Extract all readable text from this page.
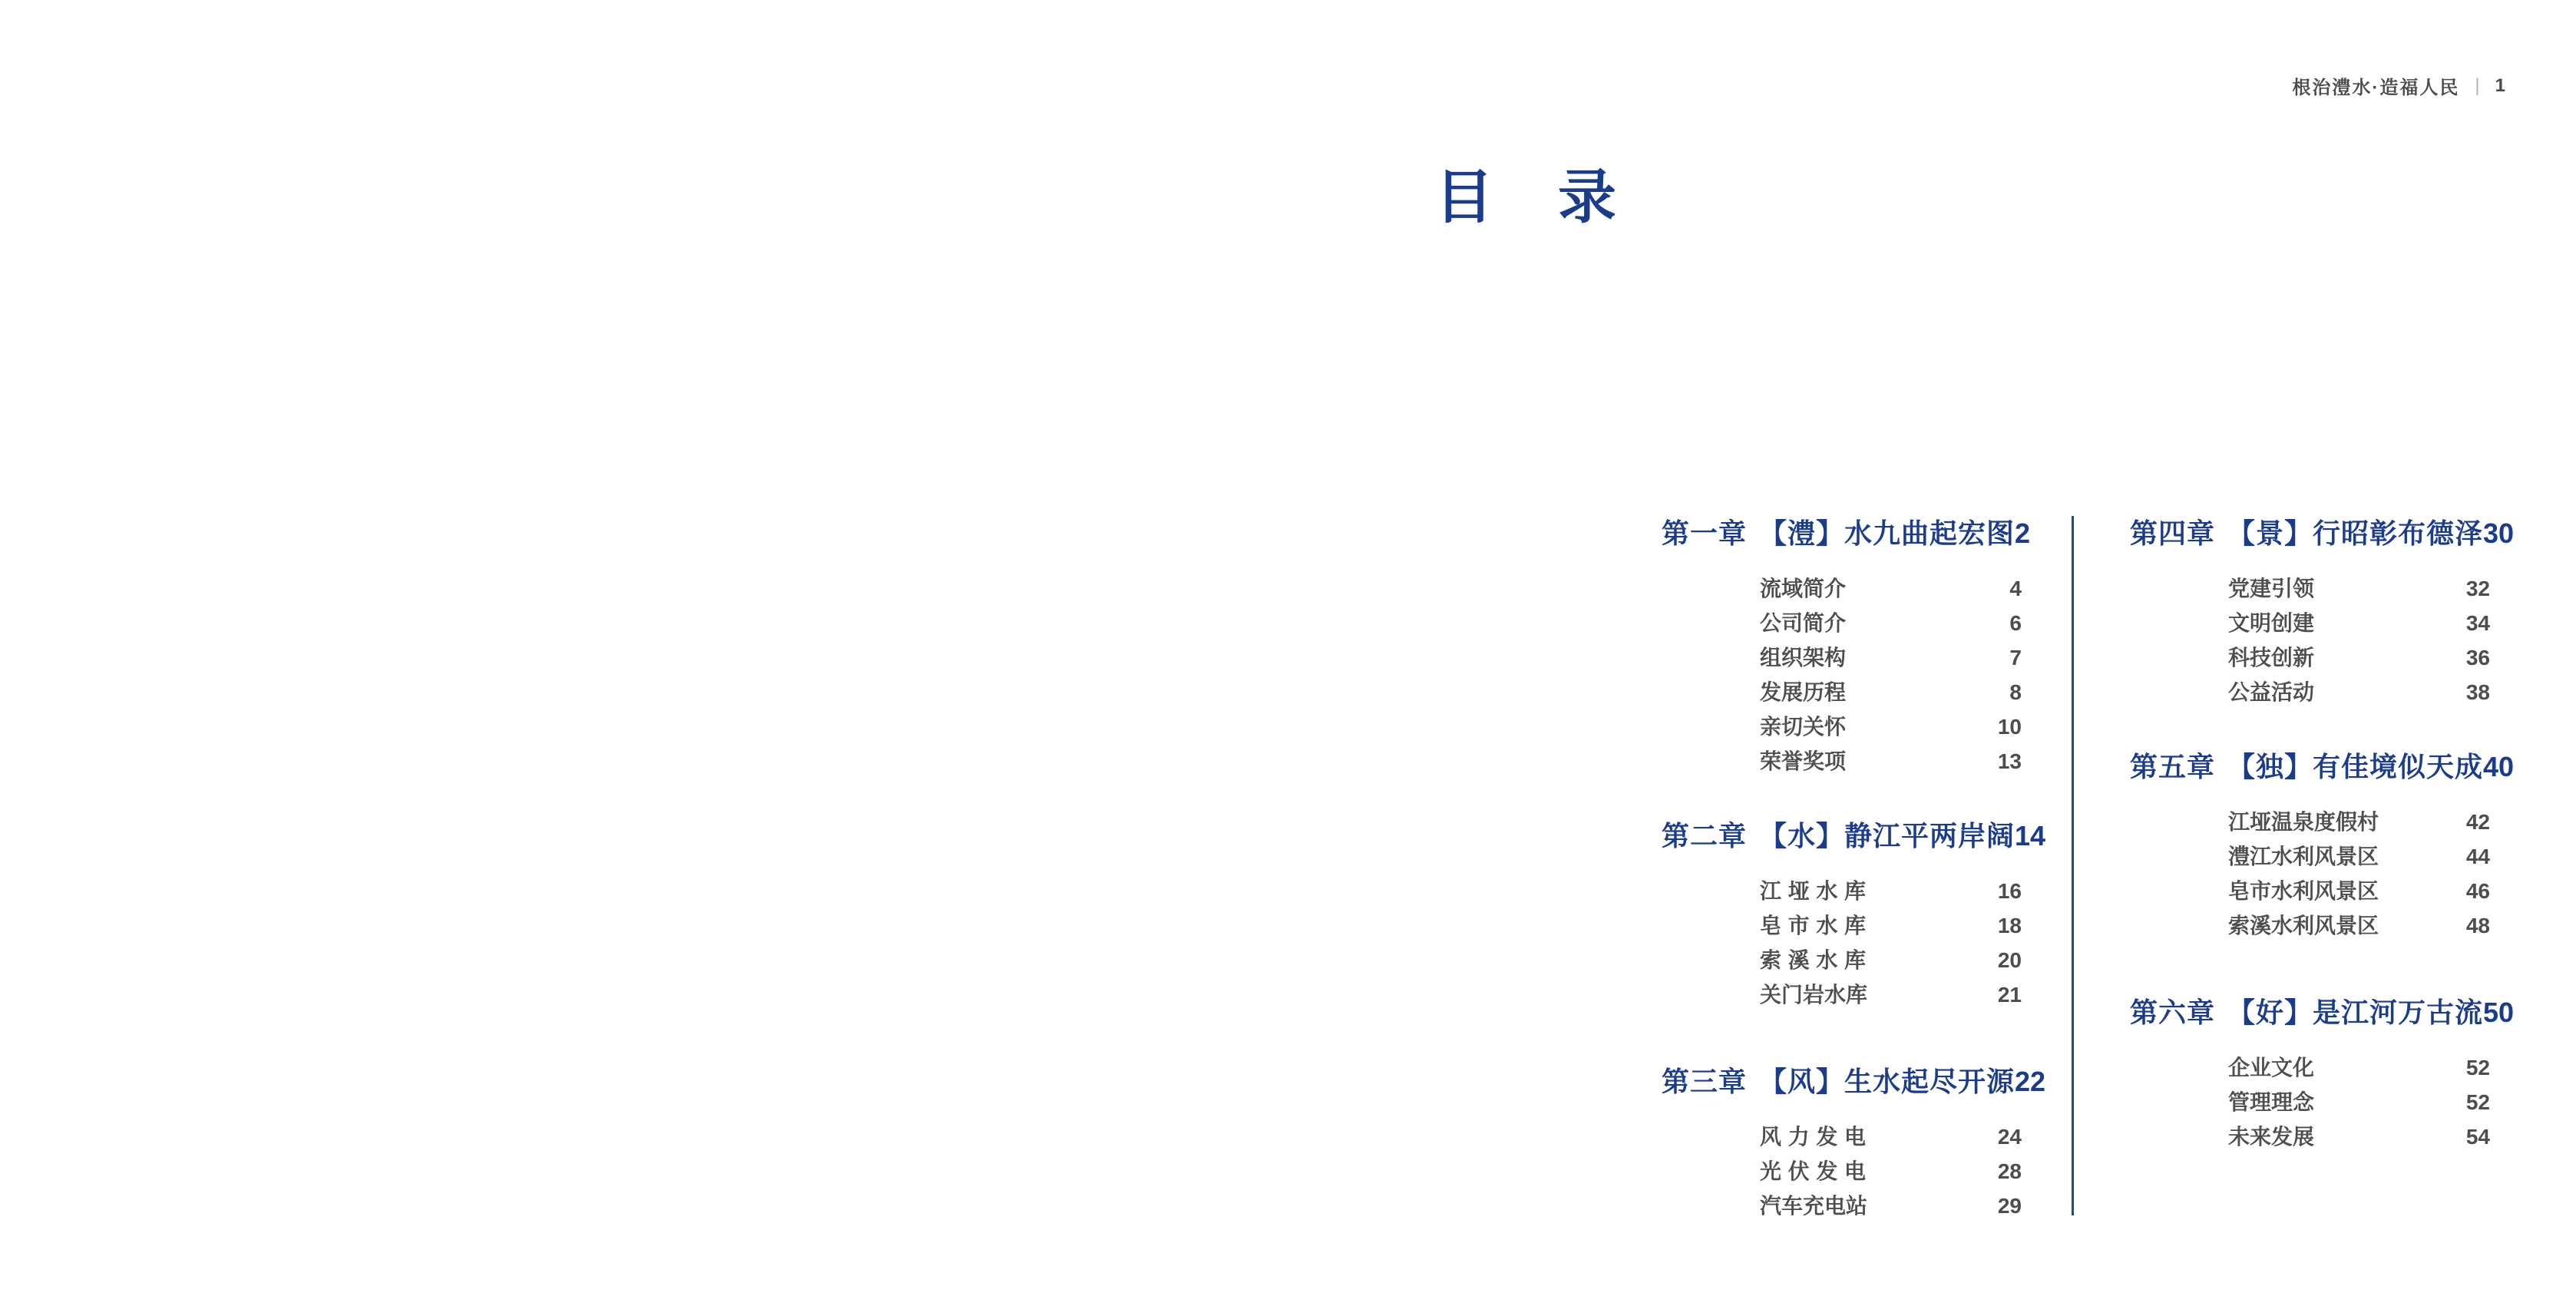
根治澧水·造福人民 | 1
目　录
第一章 【澧】水九曲起宏图 2
流域简介	4
公司简介	6
组织架构	7
发展历程	8
亲切关怀	10
荣誉奖项	13
第二章 【水】静江平两岸阔 14
江垭水库	16
皂市水库	18
索溪水库	20
关门岩水库	21
第三章 【风】生水起尽开源 22
风力发电	24
光伏发电	28
汽车充电站	29
第四章 【景】行昭彰布德泽 30
党建引领	32
文明创建	34
科技创新	36
公益活动	38
第五章 【独】有佳境似天成 40
江垭温泉度假村	42
澧江水利风景区	44
皂市水利风景区	46
索溪水利风景区	48
第六章 【好】是江河万古流 50
企业文化	52
管理理念	52
未来发展	54
